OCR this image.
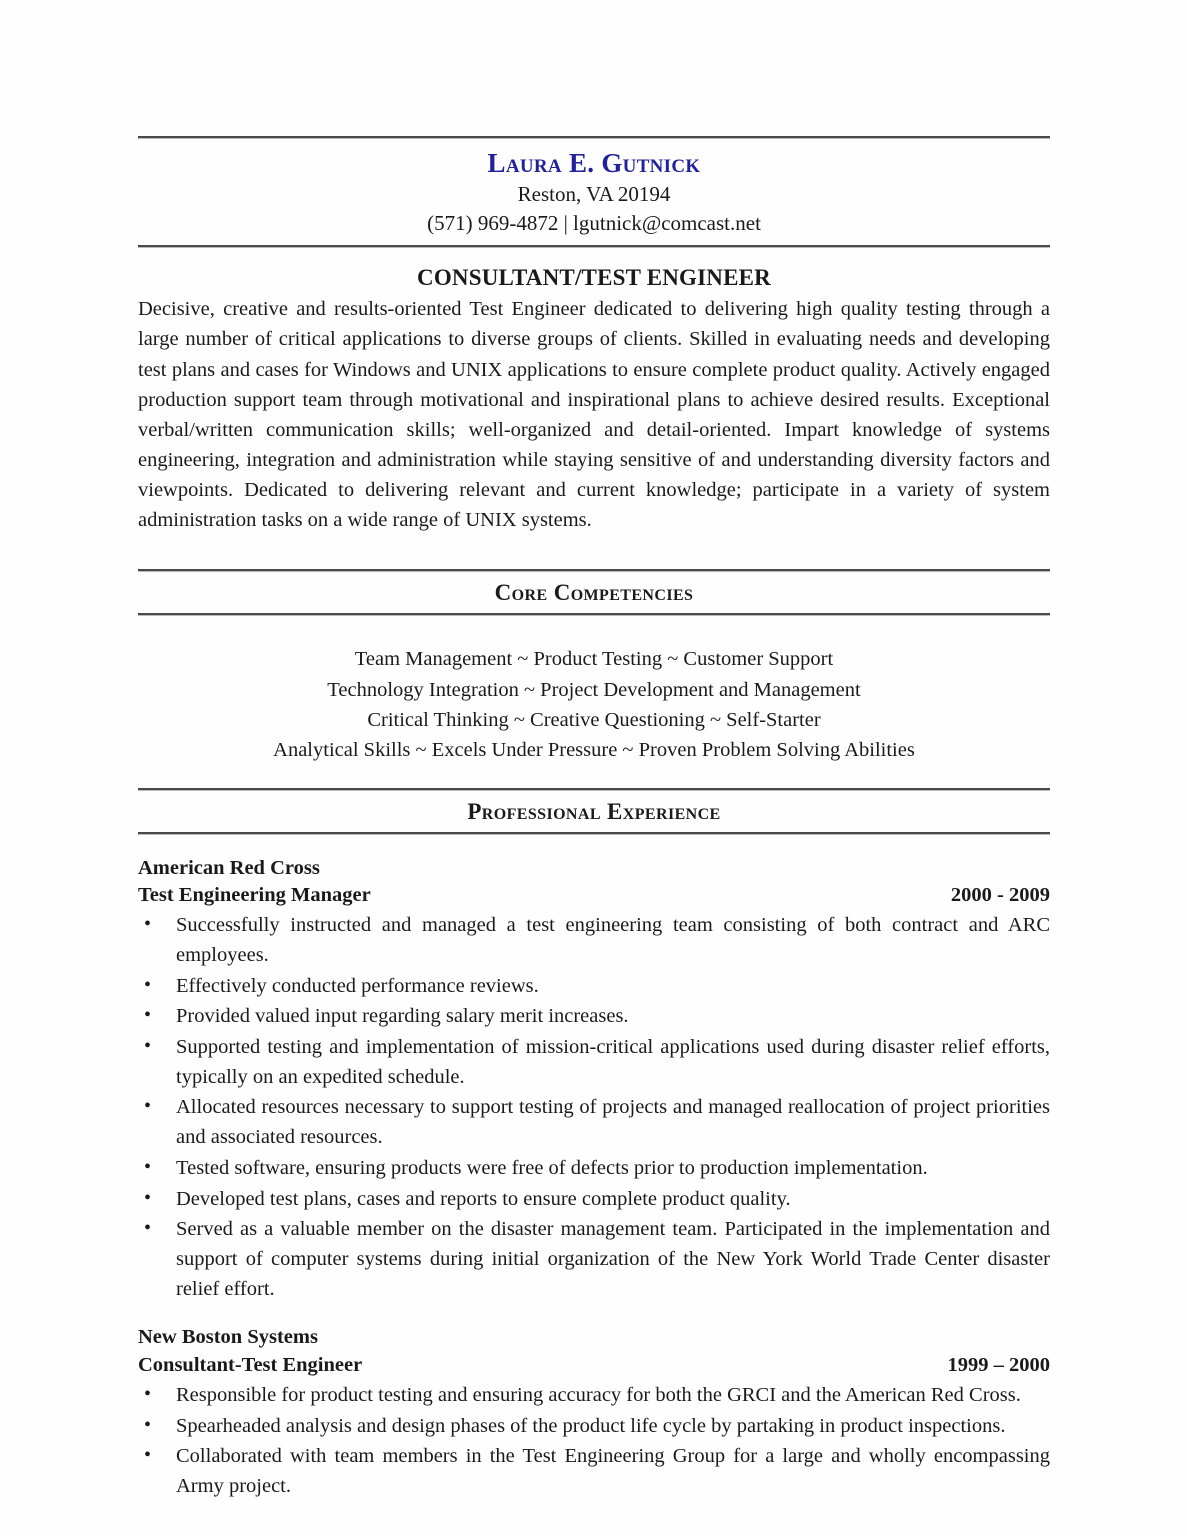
Laura E. Gutnick
Reston, VA 20194
(571) 969-4872 | lgutnick@comcast.net
CONSULTANT/TEST ENGINEER

Decisive, creative and results-oriented Test Engineer dedicated to delivering high quality testing through a large number of critical applications to diverse groups of clients. Skilled in evaluating needs and developing test plans and cases for Windows and UNIX applications to ensure complete product quality. Actively engaged production support team through motivational and inspirational plans to achieve desired results. Exceptional verbal/written communication skills; well-organized and detail-oriented. Impart knowledge of systems engineering, integration and administration while staying sensitive of and understanding diversity factors and viewpoints. Dedicated to delivering relevant and current knowledge; participate in a variety of system administration tasks on a wide range of UNIX systems.

Core Competencies
Team Management ~ Product Testing ~ Customer Support
Technology Integration ~ Project Development and Management
Critical Thinking ~ Creative Questioning ~ Self-Starter
Analytical Skills ~ Excels Under Pressure ~ Proven Problem Solving Abilities
Professional Experience
American Red Cross
Test Engineering Manager	2000 - 2009
• Successfully instructed and managed a test engineering team consisting of both contract and ARC employees.
• Effectively conducted performance reviews.
• Provided valued input regarding salary merit increases.
• Supported testing and implementation of mission-critical applications used during disaster relief efforts, typically on an expedited schedule.
• Allocated resources necessary to support testing of projects and managed reallocation of project priorities and associated resources.
• Tested software, ensuring products were free of defects prior to production implementation.
• Developed test plans, cases and reports to ensure complete product quality.
• Served as a valuable member on the disaster management team. Participated in the implementation and support of computer systems during initial organization of the New York World Trade Center disaster relief effort.
New Boston Systems
Consultant-Test Engineer	1999 – 2000
• Responsible for product testing and ensuring accuracy for both the GRCI and the American Red Cross.
• Spearheaded analysis and design phases of the product life cycle by partaking in product inspections.
• Collaborated with team members in the Test Engineering Group for a large and wholly encompassing Army project.
